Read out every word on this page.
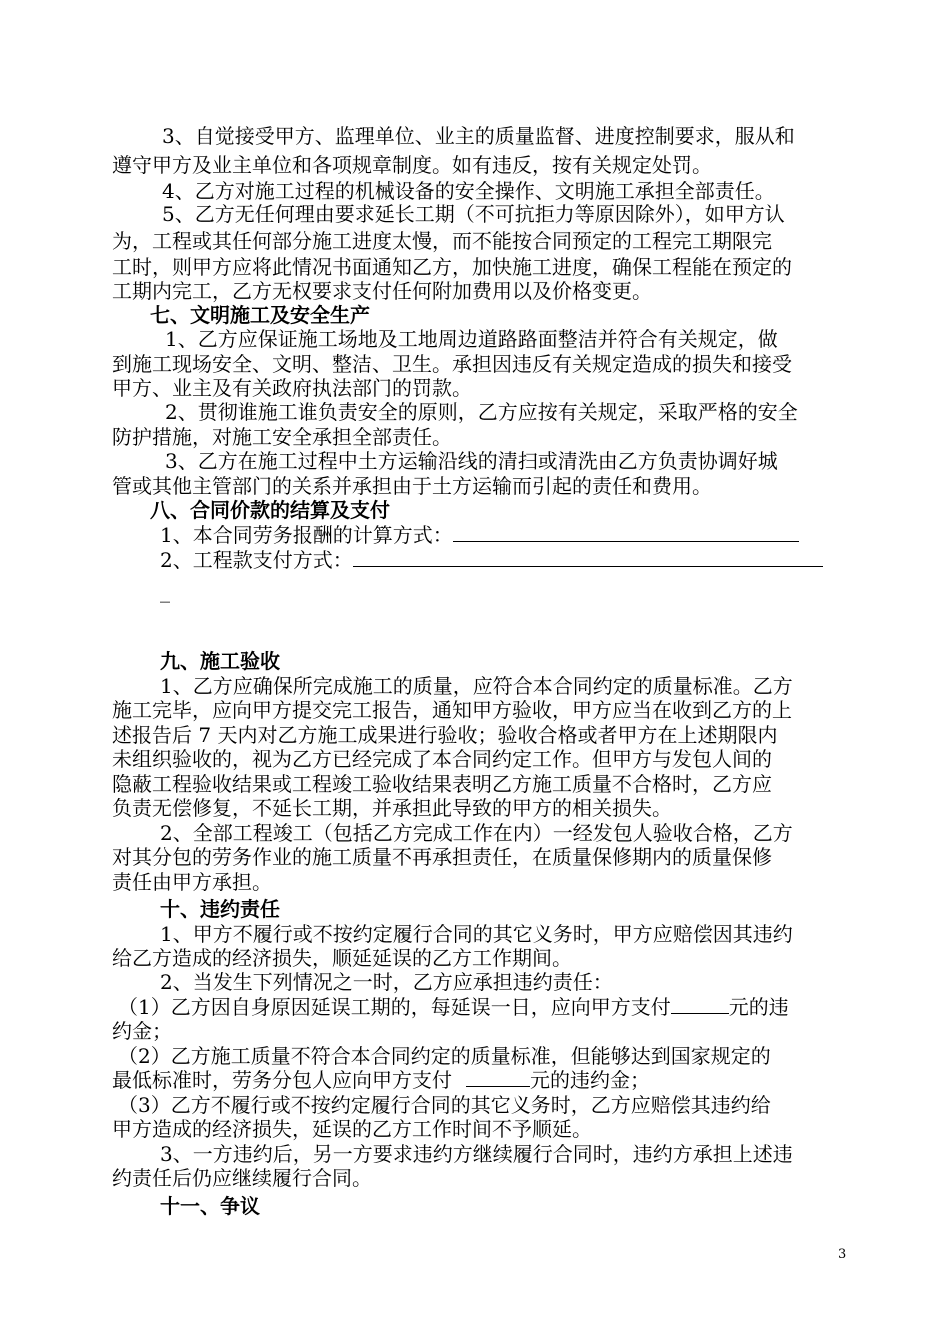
3、自觉接受甲方、监理单位、业主的质量监督、进度控制要求，服从和
遵守甲方及业主单位和各项规章制度。如有违反，按有关规定处罚。
4、乙方对施工过程的机械设备的安全操作、文明施工承担全部责任。
5、乙方无任何理由要求延长工期（不可抗拒力等原因除外），如甲方认
为，工程或其任何部分施工进度太慢，而不能按合同预定的工程完工期限完
工时，则甲方应将此情况书面通知乙方，加快施工进度，确保工程能在预定的
工期内完工，乙方无权要求支付任何附加费用以及价格变更。
七、文明施工及安全生产
1、乙方应保证施工场地及工地周边道路路面整洁并符合有关规定，做
到施工现场安全、文明、整洁、卫生。承担因违反有关规定造成的损失和接受
甲方、业主及有关政府执法部门的罚款。
2、贯彻谁施工谁负责安全的原则，乙方应按有关规定，采取严格的安全
防护措施，对施工安全承担全部责任。
3、乙方在施工过程中土方运输沿线的清扫或清洗由乙方负责协调好城
管或其他主管部门的关系并承担由于土方运输而引起的责任和费用。
八、合同价款的结算及支付
1、本合同劳务报酬的计算方式：
2、工程款支付方式：
_
九、施工验收
1、乙方应确保所完成施工的质量，应符合本合同约定的质量标准。乙方
施工完毕，应向甲方提交完工报告，通知甲方验收，甲方应当在收到乙方的上
述报告后 7 天内对乙方施工成果进行验收；验收合格或者甲方在上述期限内
未组织验收的，视为乙方已经完成了本合同约定工作。但甲方与发包人间的
隐蔽工程验收结果或工程竣工验收结果表明乙方施工质量不合格时，乙方应
负责无偿修复，不延长工期，并承担此导致的甲方的相关损失。
2、全部工程竣工（包括乙方完成工作在内）一经发包人验收合格，乙方
对其分包的劳务作业的施工质量不再承担责任，在质量保修期内的质量保修
责任由甲方承担。
十、违约责任
1、甲方不履行或不按约定履行合同的其它义务时，甲方应赔偿因其违约
给乙方造成的经济损失，顺延延误的乙方工作期间。
2、当发生下列情况之一时，乙方应承担违约责任：
（1）乙方因自身原因延误工期的，每延误一日，应向甲方支付	元的违
约金；
（2）乙方施工质量不符合本合同约定的质量标准，但能够达到国家规定的
最低标准时，劳务分包人应向甲方支付	元的违约金；
（3）乙方不履行或不按约定履行合同的其它义务时，乙方应赔偿其违约给
甲方造成的经济损失，延误的乙方工作时间不予顺延。
3、一方违约后，另一方要求违约方继续履行合同时，违约方承担上述违
约责任后仍应继续履行合同。
十一、争议
3
